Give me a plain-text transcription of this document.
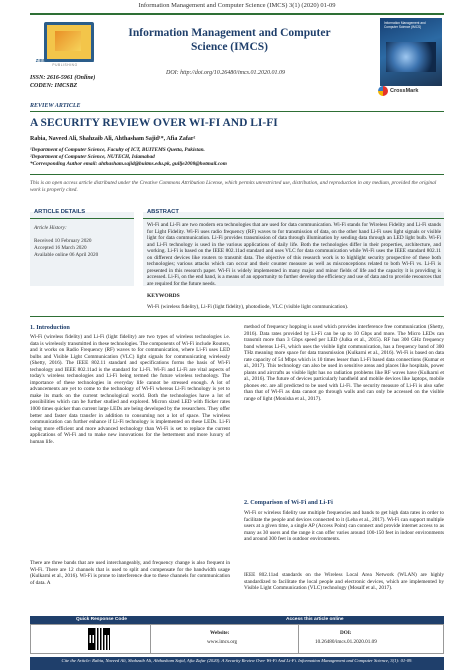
Information Management and Computer Science (IMCS) 3(1) (2020) 01-09
ZIBELINE INTERNATIONAL
PUBLISHING
ISSN: 2616-5961 (Online)
CODEN: IMCSBZ
Information Management and Computer Science (IMCS)
DOI: http://doi.org/10.26480/imcs.01.2020.01.09
Information Management and Computer Science (IMCS)
CrossMark
REVIEW ARTICLE
A SECURITY REVIEW OVER WI-FI AND LI-FI
Rabia, Naveed Ali, Shahzaib Ali, Ahthasham Sajid¹*, Afia Zafar²
¹Department of Computer Science, Faculty of ICT, BUITEMS Quetta, Pakistan.
²Department of Computer Science, NUTECH, Islamabad
*Corresponding Author email: ahthasham.sajid@buitms.edu.pk, gullje2008@hotmail.com
This is an open access article distributed under the Creative Commons Attribution License, which permits unrestricted use, distribution, and reproduction in any medium, provided the original work is properly cited.
ARTICLE DETAILS
Article History:
Received 10 February 2020
Accepted 16 March 2020
Available online 06 April 2020
ABSTRACT
Wi-Fi and Li-Fi are two modern era technologies that are used for data communication. Wi-Fi stands for Wireless Fidelity and Li-Fi stands for Light Fidelity. Wi-Fi uses radio frequency (RF) waves to for transmission of data, on the other hand Li-Fi uses light signals or visible light for data communication. Li-Fi provides transmission of data through illumination by sending data through an LED light bulb. Wi-Fi and Li-Fi technology is used in the various applications of daily life. Both the technologies differ in their properties, architecture, and working. Li-Fi is based on the IEEE 802.11ad standard and uses VLC for data communication while Wi-Fi uses the IEEE standard 802.11 on different devices like routers to transmit data. The objective of this research work is to highlight security prospective of these both technologies; various attacks which can occur and their counter measure as well as misconceptions related to both Wi-Fi vs. Li-Fi is presented in this research paper. Wi-Fi is widely implemented in many major and minor fields of life and the capacity it is providing is accessed. Li-Fi, on the end hand, is a means of an opportunity to further develop the efficiency and use of data and to provide resources that are required for the future needs.
KEYWORDS
Wi-Fi (wireless fidelity), Li-Fi (light fidelity), photodiode, VLC (visible light communication).
1. Introduction
Wi-Fi (wireless fidelity) and Li-Fi (light fidelity) are two types of wireless technologies i.e. data is wirelessly transmitted in these technologies. The components of Wi-Fi include Routers, and it works on Radio Frequency (RF) waves to for communication, where Li-Fi uses LED bulbs and Visible Light Communication (VLC) light signals for communicating wirelessly (Shetty, 2016). The IEEE 802.11 standard and specifications forms the basis of Wi-Fi technology and IEEE 802.11ad is the standard for Li-Fi. Wi-Fi and Li-Fi are vital aspects of today's wireless technologies and Li-Fi being termed the future wireless technology. The importance of these technologies in everyday life cannot be stressed enough. A lot of advancements are yet to come to the technology of Wi-Fi whereas Li-Fi technology is yet to make its mark on the current technological world. Both the technologies have a lot of possibilities which can be further studied and explored. Micron sized LED with flicker rates 1000 times quicker than current large LEDs are being developed by the researchers. They offer better and faster data transfer in addition to consuming not a lot of space. The wireless communication can further enhance if Li-Fi technology is implemented on these LEDs. Li-Fi being more efficient and more advanced technology than Wi-Fi is set to replace the current applications of Wi-Fi and to make new innovations for the betterment and more luxury of human life.
There are three bands that are used interchangeably, and frequency change is also frequent in Wi-Fi. There are 12 channels that is used to split and compensate for the bandwidth usage (Kulkarni et al., 2016). Wi-Fi is prone to interference due to these channels for communication of data. A
method of frequency hopping is used which provides interference free communication (Shetty, 2016). Data rates provided by Li-Fi can be up to 10 Gbps and more. The Micro LEDs can transmit more than 3 Gbps speed per LED (Julka et al., 2015). RF has 300 GHz frequency band whereas Li-Fi, which uses the visible light communication, has a frequency band of 300 THz meaning more space for data transmission (Kulkarni et al., 2016). Wi-Fi is based on data rate capacity of 54 Mbps which is 10 times lesser than Li-Fi based data connections (Kumar et al., 2017). This technology can also be used in sensitive areas and places like hospitals, power plants and aircrafts as visible light has no radiation problems like RF waves have (Kulkarni et al., 2016). The future of devices particularly handheld and mobile devices like laptops, mobile phones etc. are all predicted to be used with Li-Fi. The security measure of Li-Fi is also safer than that of Wi-Fi as data cannot go through walls and can only be accessed on the visible range of light (Monisha et al., 2017).
2. Comparison of Wi-Fi and Li-Fi
Wi-Fi or wireless fidelity use multiple frequencies and bands to get high data rates in order to facilitate the people and devices connected to it (Leba et al., 2017). Wi-Fi can support multiple users at a given time, a single AP (Access Point) can connect and provide internet access to as many as 30 users and the range it can offer varies around 100-150 feet in indoor environments and around 300 feet in outdoor environments.
IEEE 802.11ad standards on the Wireless Local Area Network (WLAN) are highly standardized to facilitate the local people and electronic devices, which are implemented by Visible Light Communication (VLC) technology (Mosalf et al., 2017).
Quick Response Code	Access this article online
Website:
www.imcs.org
DOI:
10.26480/imcs.01.2020.01.09
Cite the Article: Rabia, Naveed Ali, Shahzaib Ali, Ahthasham Sajid, Afia Zafar (2020). A Security Review Over Wi-Fi And Li-Fi. Information Management and Computer Science, 3(1): 01-09.
